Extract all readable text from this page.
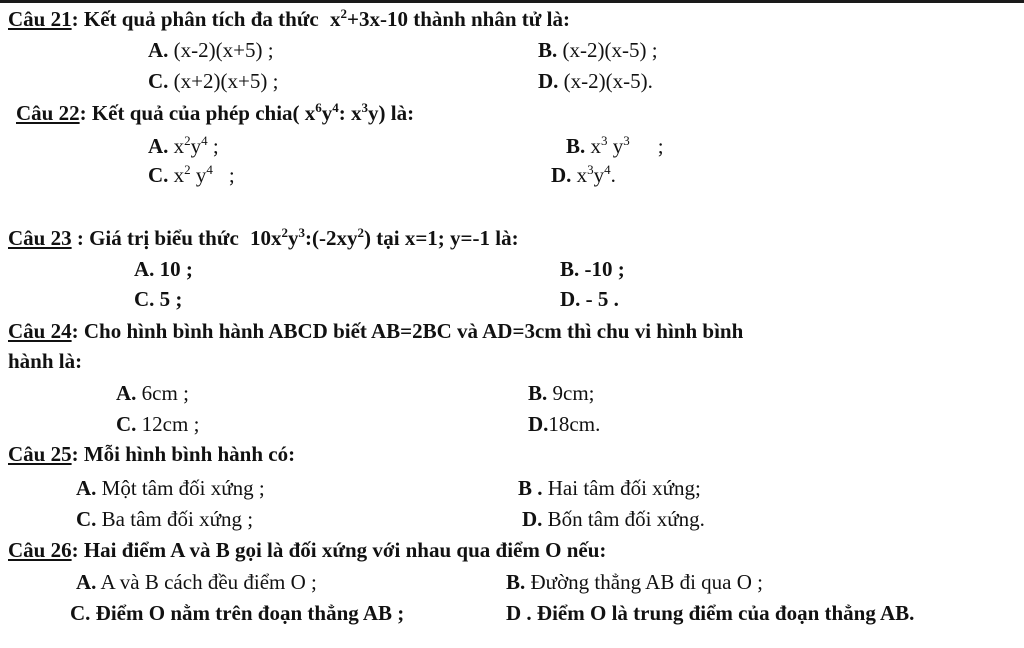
Câu 21: Kết quả phân tích đa thức $x^2+3x-10$ thành nhân tử là:
A. (x-2)(x+5) ;	B. (x-2)(x-5) ;
C. (x+2)(x+5) ;	D. (x-2)(x-5).
Câu 22: Kết quả của phép chia( $x^6y^4$: $x^3y$) là:
A. $x^2y^4$ ;	B. $x^3$ $y^3$ ;
C. $x^2$ $y^4$ ;	D. $x^3y^4$.
Câu 23 : Giá trị biểu thức $10x^2y^3:(-2xy^2)$ tại x=1; y=-1 là:
A. 10 ;	B. -10 ;
C. 5 ;	D. - 5 .
Câu 24: Cho hình bình hành ABCD biết AB=2BC và AD=3cm thì chu vi hình bình
hành là:
A. 6cm ;	B. 9cm;
C. 12cm ;	D.18cm.
Câu 25: Mỗi hình bình hành có:
A. Một tâm đối xứng ;	B . Hai tâm đối xứng;
C. Ba tâm đối xứng ;	D. Bốn tâm đối xứng.
Câu 26: Hai điểm A và B gọi là đối xứng với nhau qua điểm O nếu:
A. A và B cách đều điểm O ;	B. Đường thẳng AB đi qua O ;
C. Điểm O nằm trên đoạn thẳng AB ;	D . Điểm O là trung điểm của đoạn thẳng AB.
